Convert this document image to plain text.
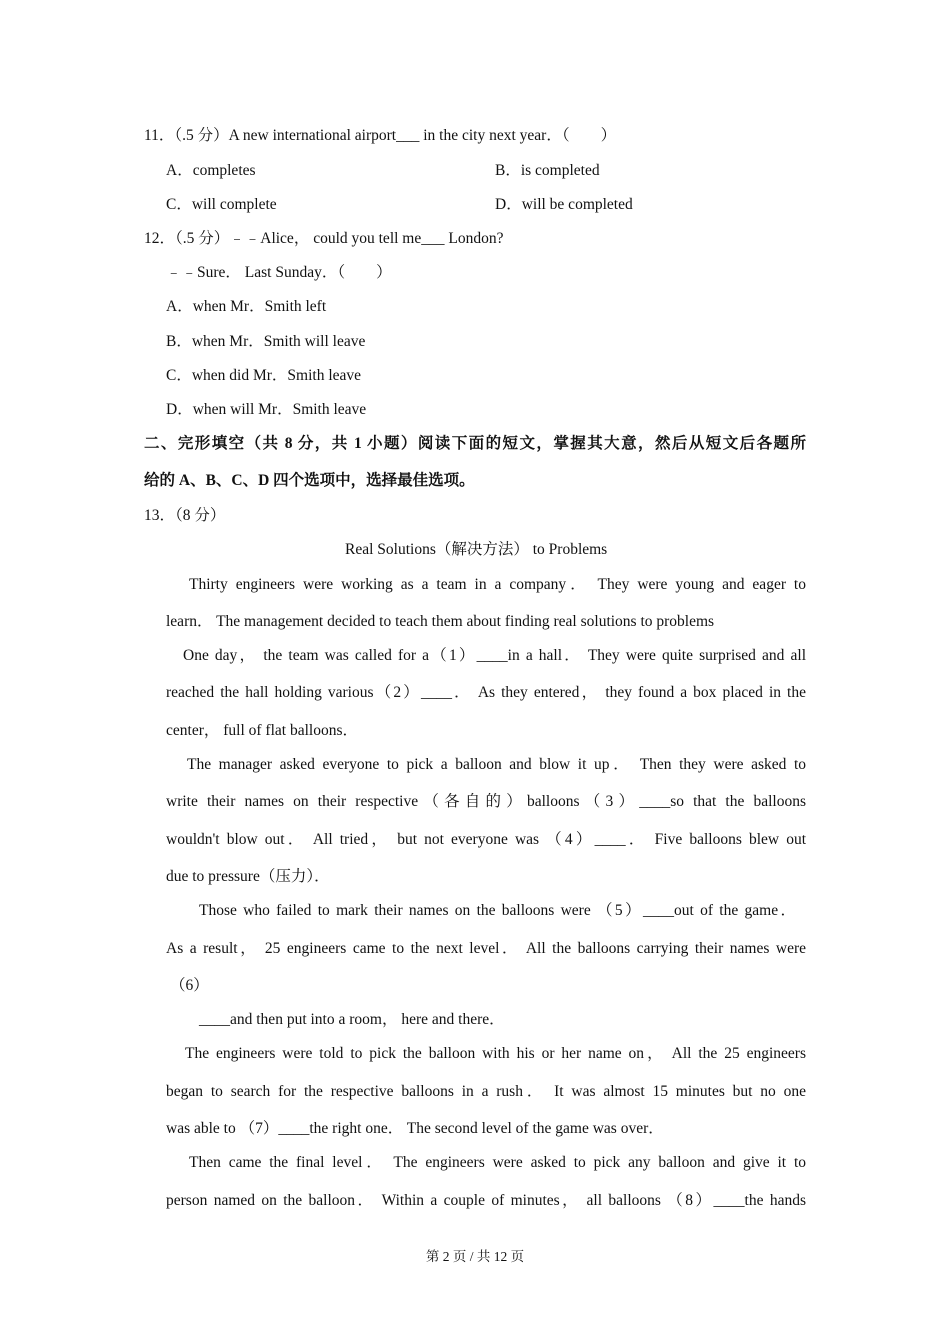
11．（.5 分）A new international airport___ in the city next year．（　　）
A．completes	B．is completed
C．will complete	D．will be completed
12．（.5 分）﹣﹣Alice， could you tell me___ London?
﹣﹣Sure． Last Sunday．（　　）
A．when Mr．Smith left
B．when Mr．Smith will leave
C．when did Mr．Smith leave
D．when will Mr．Smith leave
二、完形填空（共 8 分，共 1 小题）阅读下面的短文，掌握其大意，然后从短文后各题所
给的 A、B、C、D 四个选项中，选择最佳选项。
13．（8 分）
Real Solutions（解决方法） to Problems
Thirty engineers were working as a team in a company． They were young and eager to
learn． The management decided to teach them about finding real solutions to problems
One day， the team was called for a（1）____in a hall． They were quite surprised and all
reached the hall holding various（2）____． As they entered， they found a box placed in the
center， full of flat balloons．
The manager asked everyone to pick a balloon and blow it up． Then they were asked to
write their names on their respective（各自的）balloons（3）____so that the balloons
wouldn't blow out． All tried， but not everyone was （4）____． Five balloons blew out
due to pressure（压力）．
Those who failed to mark their names on the balloons were （5）____out of the game．
As a result， 25 engineers came to the next level． All the balloons carrying their names were
（6）
____and then put into a room， here and there．
The engineers were told to pick the balloon with his or her name on， All the 25 engineers
began to search for the respective balloons in a rush． It was almost 15 minutes but no one
was able to （7）____the right one． The second level of the game was over．
Then came the final level． The engineers were asked to pick any balloon and give it to
person named on the balloon． Within a couple of minutes， all balloons （8）____the hands
第 2 页 / 共 12 页
